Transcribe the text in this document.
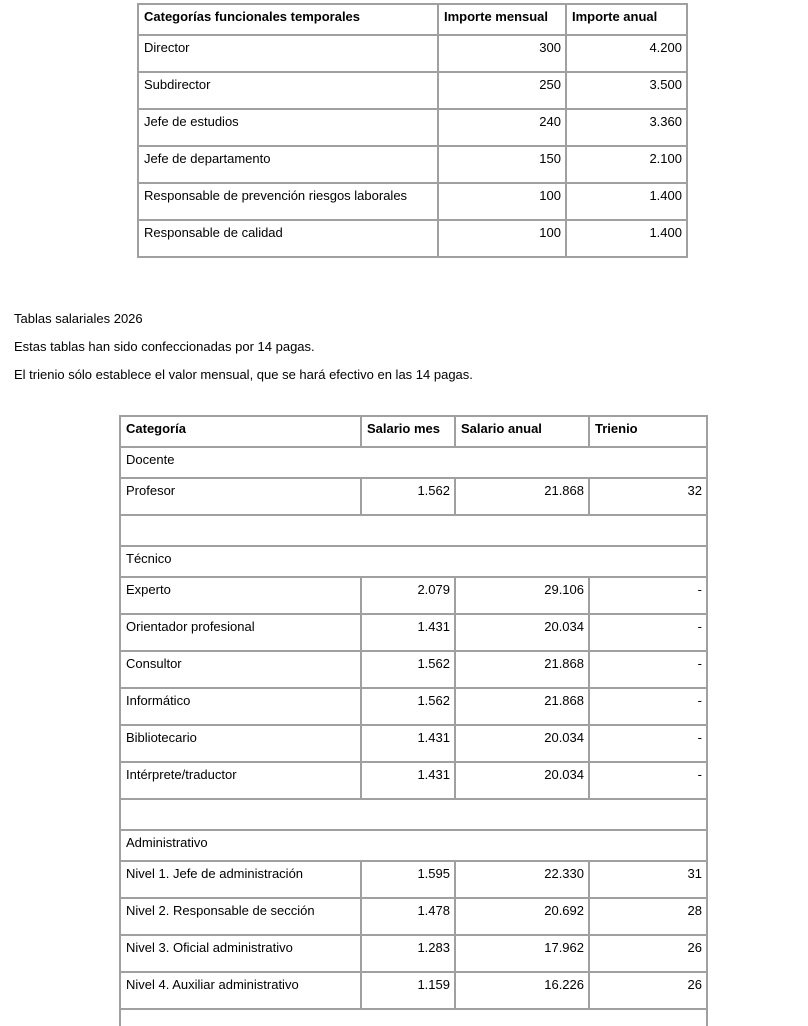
Categorías funcionales temporales	Importe mensual	Importe anual
Director	300	4.200
Subdirector	250	3.500
Jefe de estudios	240	3.360
Jefe de departamento	150	2.100
Responsable de prevención riesgos laborales	100	1.400
Responsable de calidad	100	1.400

Tablas salariales 2026

Estas tablas han sido confeccionadas por 14 pagas.

El trienio sólo establece el valor mensual, que se hará efectivo en las 14 pagas.

Categoría	Salario mes	Salario anual	Trienio
Docente			
Profesor	1.562	21.868	32

Técnico			
Experto	2.079	29.106	-
Orientador profesional	1.431	20.034	-
Consultor	1.562	21.868	-
Informático	1.562	21.868	-
Bibliotecario	1.431	20.034	-
Intérprete/traductor	1.431	20.034	-

Administrativo			
Nivel 1. Jefe de administración	1.595	22.330	31
Nivel 2. Responsable de sección	1.478	20.692	28
Nivel 3. Oficial administrativo	1.283	17.962	26
Nivel 4. Auxiliar administrativo	1.159	16.226	26
